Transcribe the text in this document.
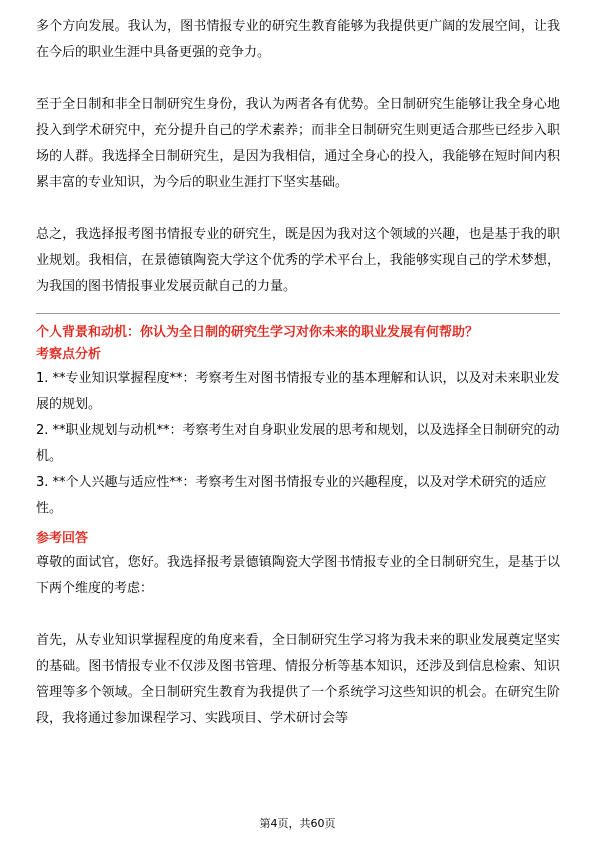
多个方向发展。我认为，图书情报专业的研究生教育能够为我提供更广阔的发展空间，让我在今后的职业生涯中具备更强的竞争力。

至于全日制和非全日制研究生身份，我认为两者各有优势。全日制研究生能够让我全身心地投入到学术研究中，充分提升自己的学术素养；而非全日制研究生则更适合那些已经步入职场的人群。我选择全日制研究生，是因为我相信，通过全身心的投入，我能够在短时间内积累丰富的专业知识，为今后的职业生涯打下坚实基础。

总之，我选择报考图书情报专业的研究生，既是因为我对这个领域的兴趣，也是基于我的职业规划。我相信，在景德镇陶瓷大学这个优秀的学术平台上，我能够实现自己的学术梦想，为我国的图书情报事业发展贡献自己的力量。

个人背景和动机：你认为全日制的研究生学习对你未来的职业发展有何帮助？

考察点分析

1. **专业知识掌握程度**：考察考生对图书情报专业的基本理解和认识，以及对未来职业发展的规划。

2. **职业规划与动机**：考察考生对自身职业发展的思考和规划，以及选择全日制研究的动机。

3. **个人兴趣与适应性**：考察考生对图书情报专业的兴趣程度，以及对学术研究的适应性。

参考回答

尊敬的面试官，您好。我选择报考景德镇陶瓷大学图书情报专业的全日制研究生，是基于以下两个维度的考虑：

首先，从专业知识掌握程度的角度来看，全日制研究生学习将为我未来的职业发展奠定坚实的基础。图书情报专业不仅涉及图书管理、情报分析等基本知识，还涉及到信息检索、知识管理等多个领域。全日制研究生教育为我提供了一个系统学习这些知识的机会。在研究生阶段，我将通过参加课程学习、实践项目、学术研讨会等

第4页，共60页
